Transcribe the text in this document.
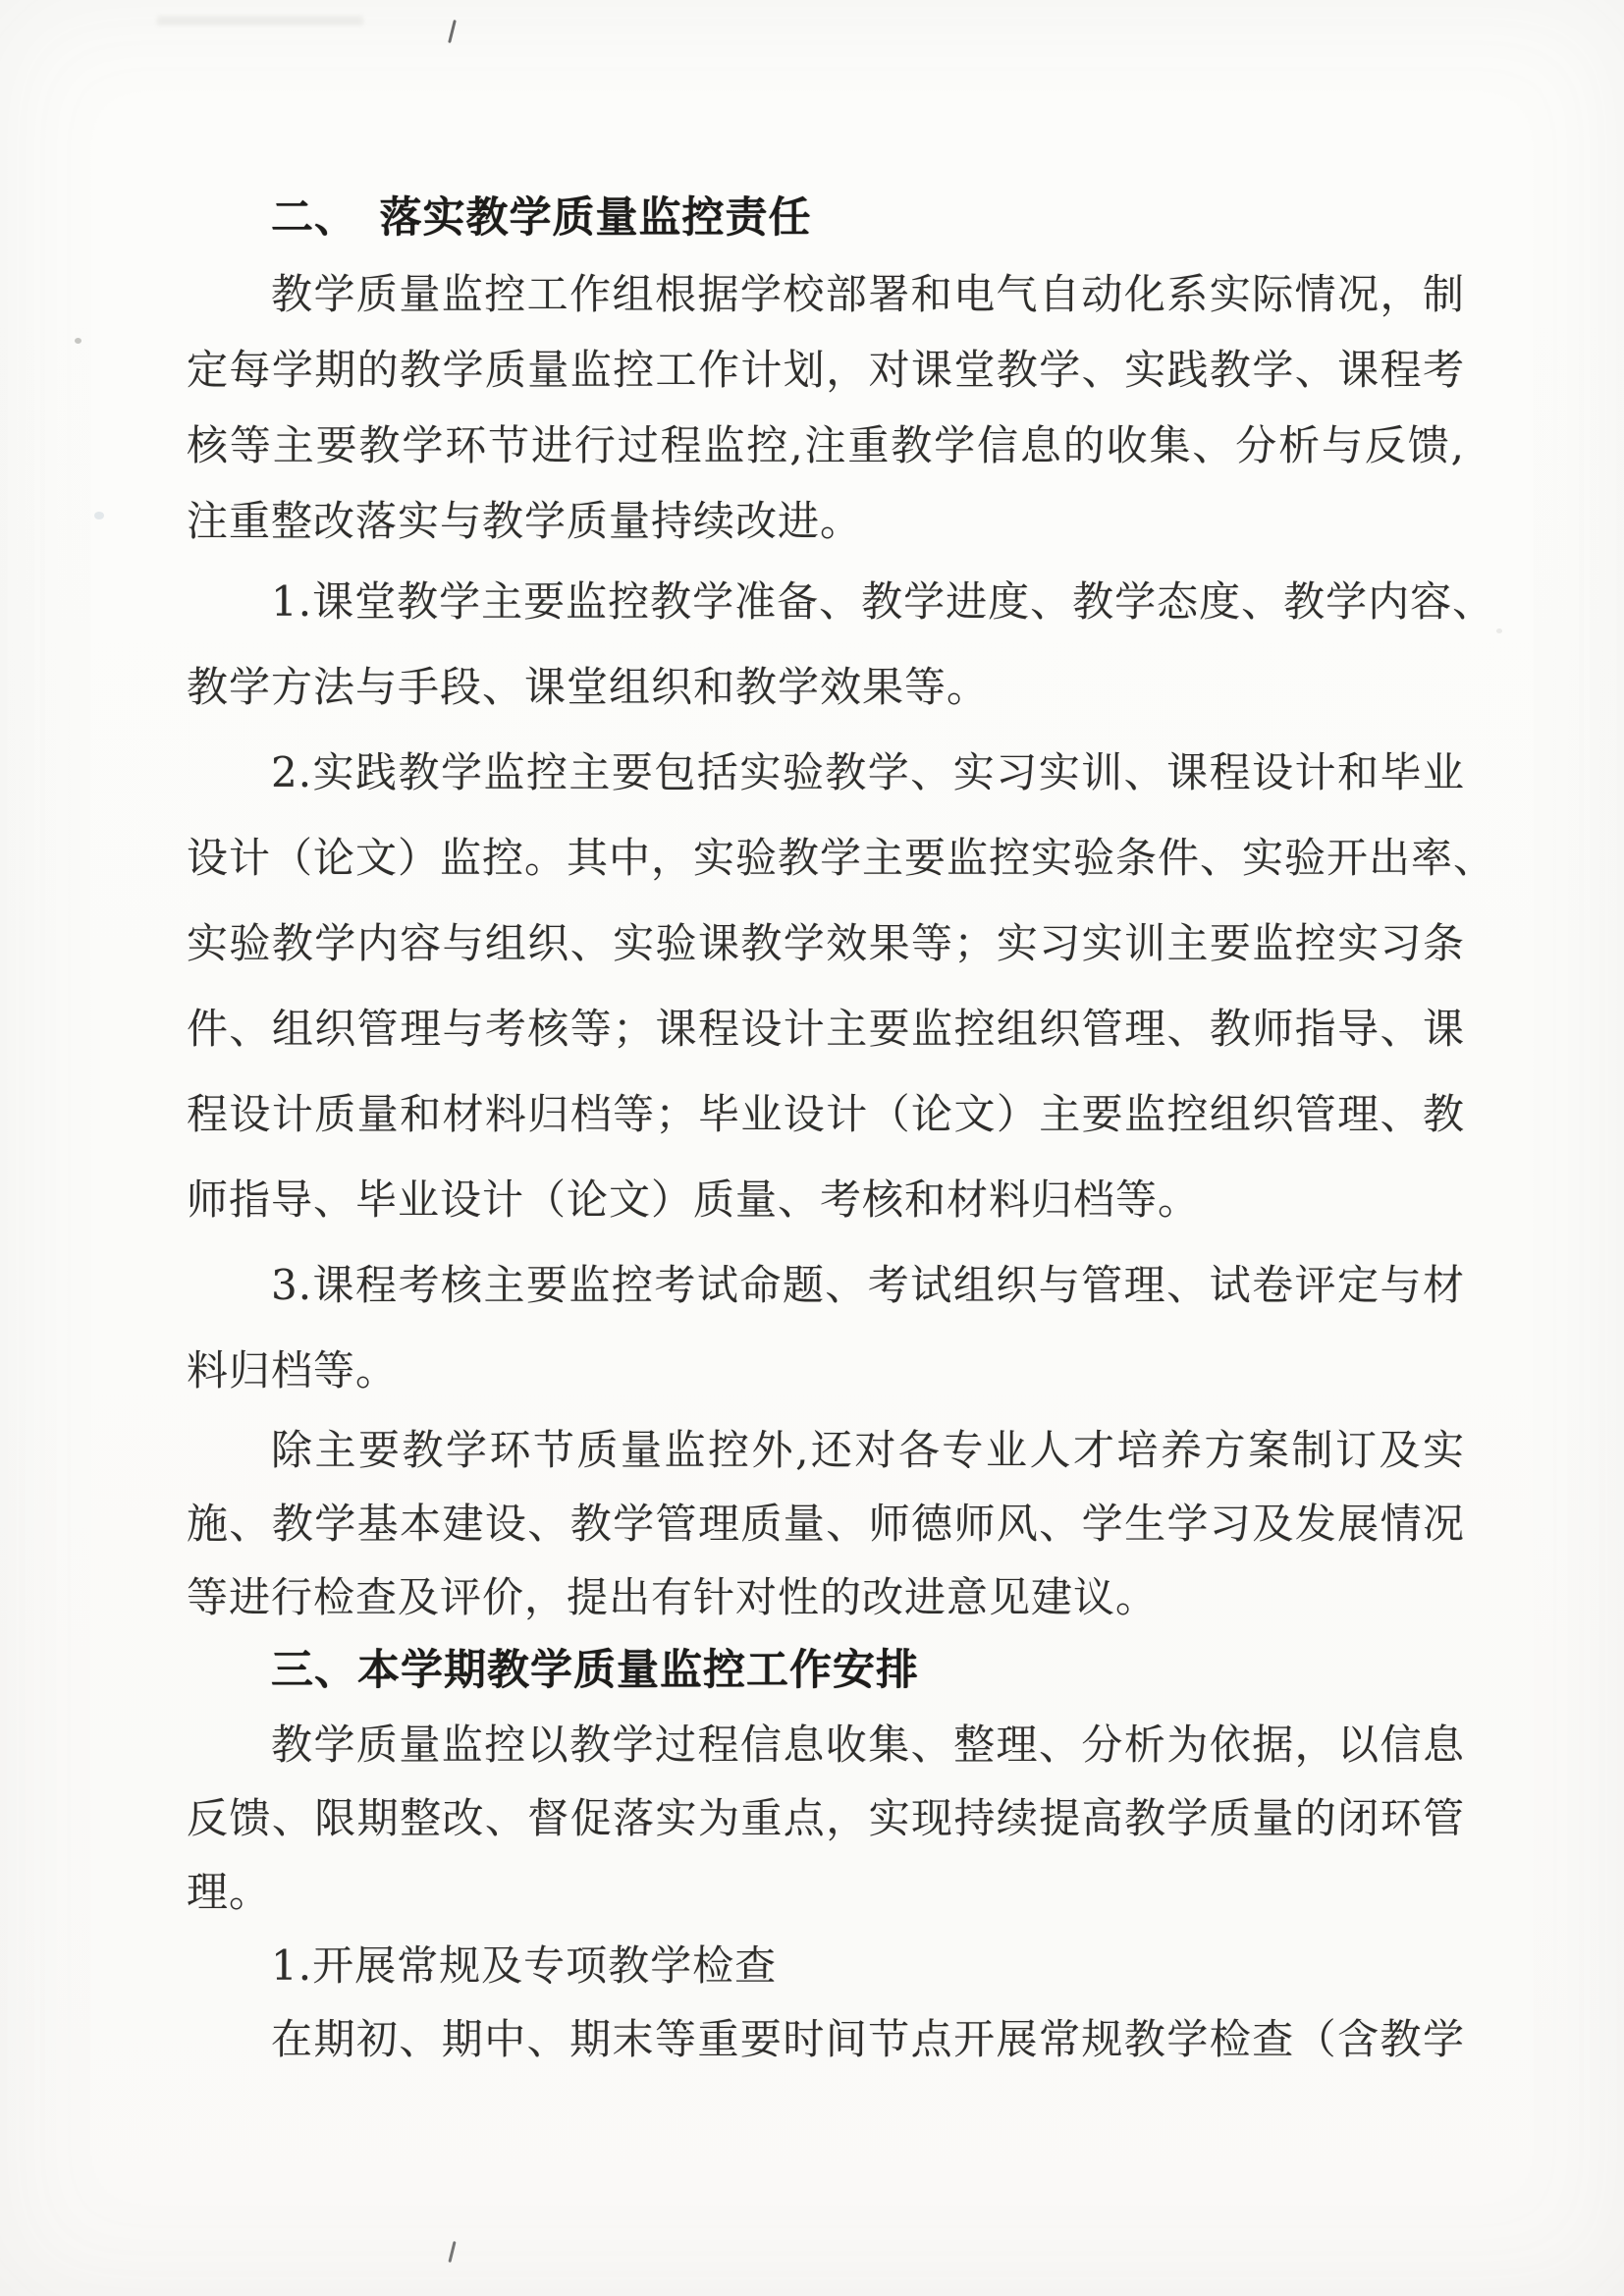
二、　落实教学质量监控责任
教学质量监控工作组根据学校部署和电气自动化系实际情况，制
定每学期的教学质量监控工作计划，对课堂教学、实践教学、课程考
核等主要教学环节进行过程监控,注重教学信息的收集、分析与反馈,
注重整改落实与教学质量持续改进。
1.课堂教学主要监控教学准备、教学进度、教学态度、教学内容、
教学方法与手段、课堂组织和教学效果等。
2.实践教学监控主要包括实验教学、实习实训、课程设计和毕业
设计（论文）监控。其中，实验教学主要监控实验条件、实验开出率、
实验教学内容与组织、实验课教学效果等；实习实训主要监控实习条
件、组织管理与考核等；课程设计主要监控组织管理、教师指导、课
程设计质量和材料归档等；毕业设计（论文）主要监控组织管理、教
师指导、毕业设计（论文）质量、考核和材料归档等。
3.课程考核主要监控考试命题、考试组织与管理、试卷评定与材
料归档等。
除主要教学环节质量监控外,还对各专业人才培养方案制订及实
施、教学基本建设、教学管理质量、师德师风、学生学习及发展情况
等进行检查及评价，提出有针对性的改进意见建议。
三、本学期教学质量监控工作安排
教学质量监控以教学过程信息收集、整理、分析为依据，以信息
反馈、限期整改、督促落实为重点，实现持续提高教学质量的闭环管
理。
1.开展常规及专项教学检查
在期初、期中、期末等重要时间节点开展常规教学检查（含教学
